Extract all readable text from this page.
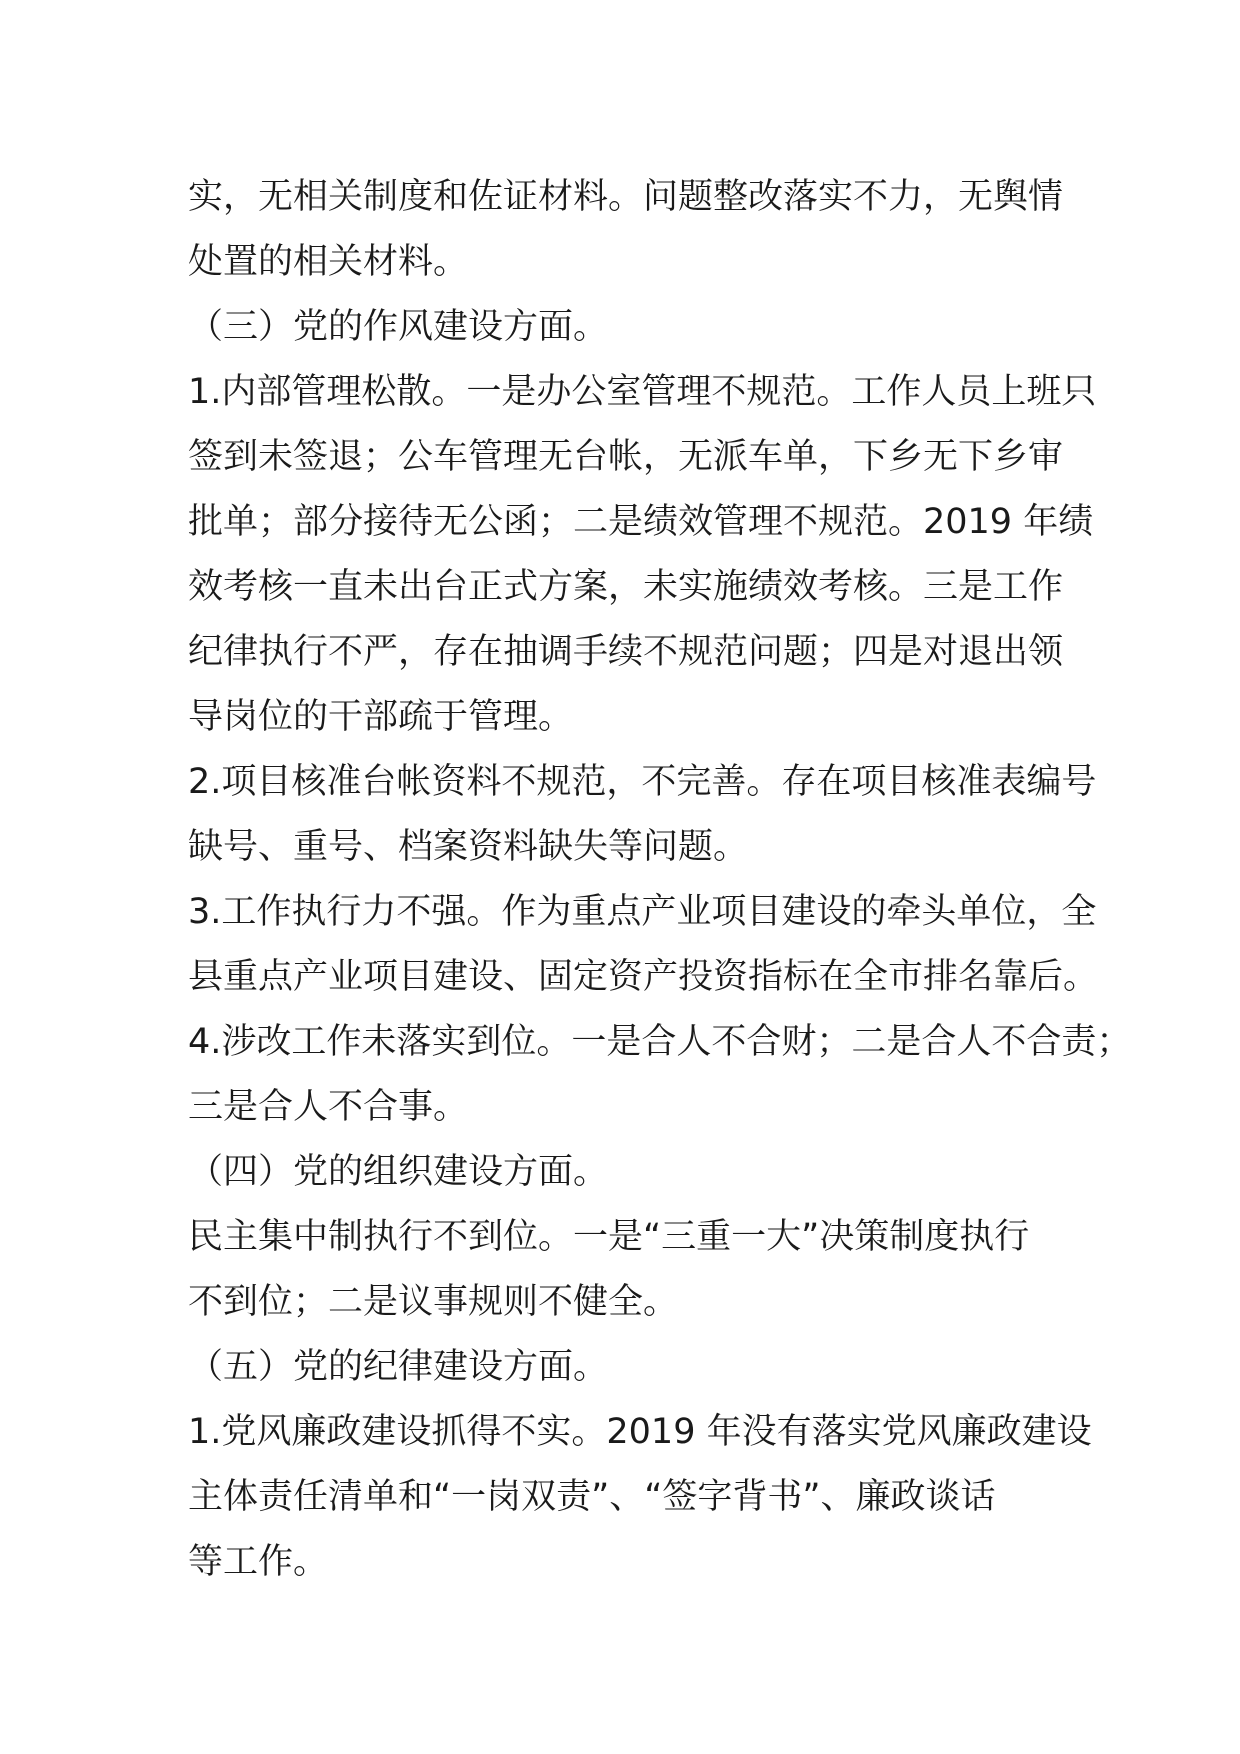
实，无相关制度和佐证材料。问题整改落实不力，无舆情
处置的相关材料。
（三）党的作风建设方面。
1.内部管理松散。一是办公室管理不规范。工作人员上班只
签到未签退；公车管理无台帐，无派车单，下乡无下乡审
批单；部分接待无公函；二是绩效管理不规范。2019 年绩
效考核一直未出台正式方案，未实施绩效考核。三是工作
纪律执行不严，存在抽调手续不规范问题；四是对退出领
导岗位的干部疏于管理。
2.项目核准台帐资料不规范，不完善。存在项目核准表编号
缺号、重号、档案资料缺失等问题。
3.工作执行力不强。作为重点产业项目建设的牵头单位，全
县重点产业项目建设、固定资产投资指标在全市排名靠后。
4.涉改工作未落实到位。一是合人不合财；二是合人不合责；
三是合人不合事。
（四）党的组织建设方面。
民主集中制执行不到位。一是“三重一大”决策制度执行
不到位；二是议事规则不健全。
（五）党的纪律建设方面。
1.党风廉政建设抓得不实。2019 年没有落实党风廉政建设
主体责任清单和“一岗双责”、“签字背书”、廉政谈话
等工作。
